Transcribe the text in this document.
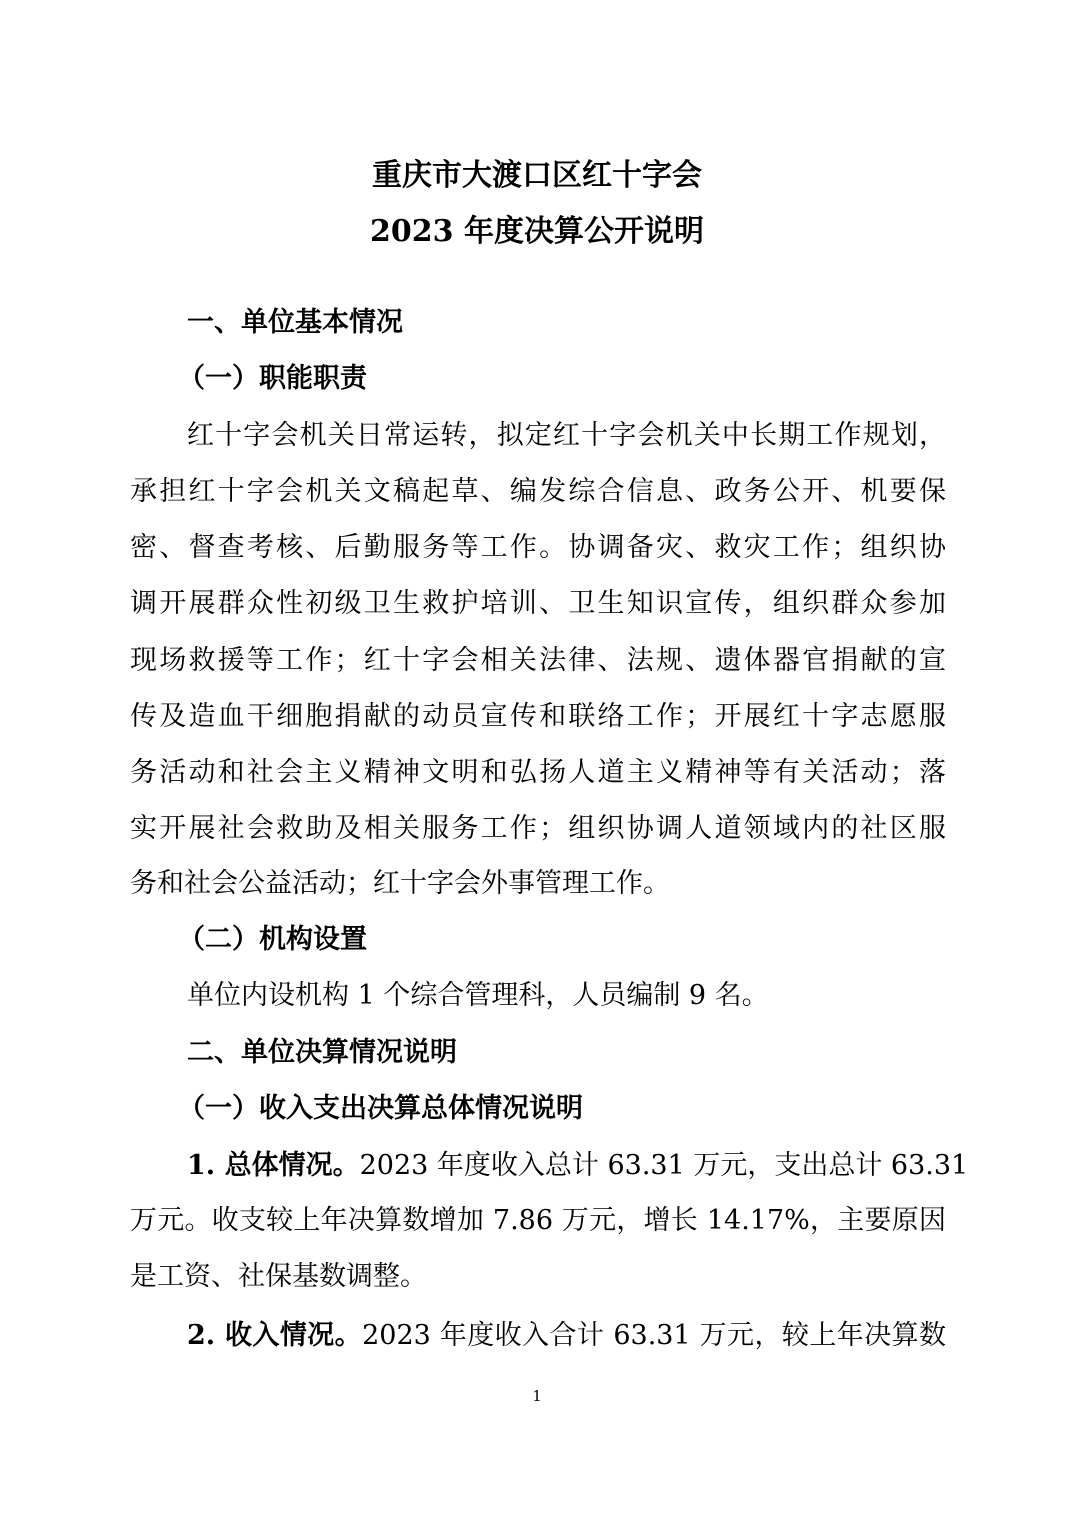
重庆市大渡口区红十字会
2023 年度决算公开说明
一、单位基本情况
（一）职能职责
红十字会机关日常运转，拟定红十字会机关中长期工作规划，
承担红十字会机关文稿起草、编发综合信息、政务公开、机要保
密、督查考核、后勤服务等工作。协调备灾、救灾工作；组织协
调开展群众性初级卫生救护培训、卫生知识宣传，组织群众参加
现场救援等工作；红十字会相关法律、法规、遗体器官捐献的宣
传及造血干细胞捐献的动员宣传和联络工作；开展红十字志愿服
务活动和社会主义精神文明和弘扬人道主义精神等有关活动；落
实开展社会救助及相关服务工作；组织协调人道领域内的社区服
务和社会公益活动；红十字会外事管理工作。
（二）机构设置
单位内设机构 1 个综合管理科，人员编制 9 名。
二、单位决算情况说明
（一）收入支出决算总体情况说明
1. 总体情况。2023 年度收入总计 63.31 万元，支出总计 63.31
万元。收支较上年决算数增加 7.86 万元，增长 14.17%，主要原因
是工资、社保基数调整。
2. 收入情况。2023 年度收入合计 63.31 万元，较上年决算数
1
